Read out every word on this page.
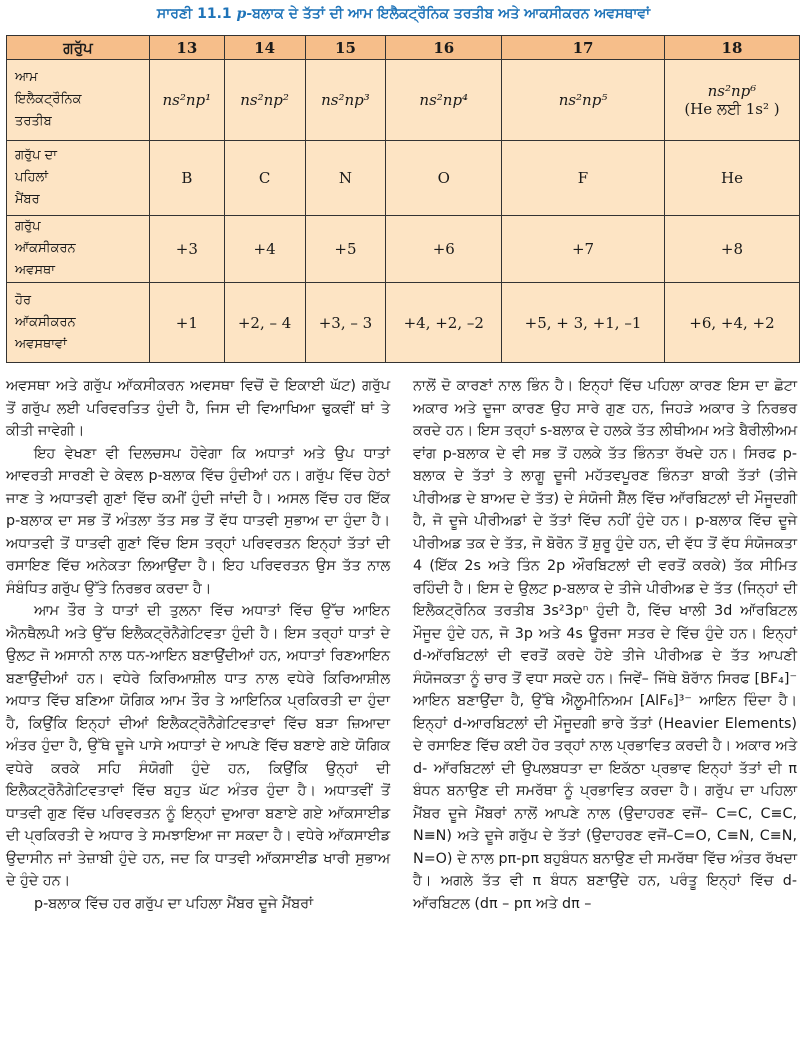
ਸਾਰਣੀ 11.1 p-ਬਲਾਕ ਦੇ ਤੱਤਾਂ ਦੀ ਆਮ ਇਲੈਕਟ੍ਰੌਨਿਕ ਤਰਤੀਬ ਅਤੇ ਆਕਸੀਕਰਨ ਅਵਸਥਾਵਾਂ
ਗਰੁੱਪ	13	14	15	16	17	18
ਆਮ
ਇਲੈਕਟ੍ਰੌਨਿਕ
ਤਰਤੀਬ	ns²np¹	ns²np²	ns²np³	ns²np⁴	ns²np⁵	ns²np⁶
(He ਲਈ 1s² )
ਗਰੁੱਪ ਦਾ
ਪਹਿਲਾਂ
ਮੈਂਬਰ	B	C	N	O	F	He
ਗਰੁੱਪ
ਆੱਕਸੀਕਰਨ
ਅਵਸਥਾ	+3	+4	+5	+6	+7	+8
ਹੋਰ
ਆੱਕਸੀਕਰਨ
ਅਵਸਥਾਵਾਂ	+1	+2, – 4	+3, – 3	+4, +2, –2	+5, + 3, +1, –1	+6, +4, +2

ਅਵਸਥਾ ਅਤੇ ਗਰੁੱਪ ਆੱਕਸੀਕਰਨ ਅਵਸਥਾ ਵਿਚੋਂ ਦੋ ਇਕਾਈ ਘੱਟ) ਗਰੁੱਪ ਤੋਂ ਗਰੁੱਪ ਲਈ ਪਰਿਵਰਤਿਤ ਹੁੰਦੀ ਹੈ, ਜਿਸ ਦੀ ਵਿਆਖਿਆ ਢੁਕਵੀਂ ਥਾਂ ਤੇ ਕੀਤੀ ਜਾਵੇਗੀ।

ਇਹ ਵੇਖਣਾ ਵੀ ਦਿਲਚਸਪ ਹੋਵੇਗਾ ਕਿ ਅਧਾਤਾਂ ਅਤੇ ਉਪ ਧਾਤਾਂ ਆਵਰਤੀ ਸਾਰਣੀ ਦੇ ਕੇਵਲ p-ਬਲਾਕ ਵਿੱਚ ਹੁੰਦੀਆਂ ਹਨ। ਗਰੁੱਪ ਵਿੱਚ ਹੇਠਾਂ ਜਾਣ ਤੇ ਅਧਾਤਵੀ ਗੁਣਾਂ ਵਿੱਚ ਕਮੀਂ ਹੁੰਦੀ ਜਾਂਦੀ ਹੈ। ਅਸਲ ਵਿੱਚ ਹਰ ਇੱਕ p-ਬਲਾਕ ਦਾ ਸਭ ਤੋਂ ਅੰਤਲਾ ਤੱਤ ਸਭ ਤੋਂ ਵੱਧ ਧਾਤਵੀ ਸੁਭਾਅ ਦਾ ਹੁੰਦਾ ਹੈ। ਅਧਾਤਵੀ ਤੋਂ ਧਾਤਵੀ ਗੁਣਾਂ ਵਿੱਚ ਇਸ ਤਰ੍ਹਾਂ ਪਰਿਵਰਤਨ ਇਨ੍ਹਾਂ ਤੱਤਾਂ ਦੀ ਰਸਾਇਣ ਵਿੱਚ ਅਨੇਕਤਾ ਲਿਆਉਂਦਾ ਹੈ। ਇਹ ਪਰਿਵਰਤਨ ਉਸ ਤੱਤ ਨਾਲ ਸੰਬੰਧਿਤ ਗਰੁੱਪ ਉੱਤੇ ਨਿਰਭਰ ਕਰਦਾ ਹੈ।

ਆਮ ਤੌਰ ਤੇ ਧਾਤਾਂ ਦੀ ਤੁਲਨਾ ਵਿੱਚ ਅਧਾਤਾਂ ਵਿੱਚ ਉੱਚ ਆਇਨ ਐਨਥੈਲਪੀ ਅਤੇ ਉੱਚ ਇਲੈਕਟ੍ਰੋਨੈਗੇਟਿਵਤਾ ਹੁੰਦੀ ਹੈ। ਇਸ ਤਰ੍ਹਾਂ ਧਾਤਾਂ ਦੇ ਉਲਟ ਜੋ ਅਸਾਨੀ ਨਾਲ ਧਨ-ਆਇਨ ਬਣਾਉਂਦੀਆਂ ਹਨ, ਅਧਾਤਾਂ ਰਿਣਆਇਨ ਬਣਾਉਂਦੀਆਂ ਹਨ। ਵਧੇਰੇ ਕਿਰਿਆਸ਼ੀਲ ਧਾਤ ਨਾਲ ਵਧੇਰੇ ਕਿਰਿਆਸ਼ੀਲ ਅਧਾਤ ਵਿੱਚ ਬਣਿਆ ਯੋਗਿਕ ਆਮ ਤੌਰ ਤੇ ਆਇਨਿਕ ਪ੍ਰਕਿਰਤੀ ਦਾ ਹੁੰਦਾ ਹੈ, ਕਿਉਂਕਿ ਇਨ੍ਹਾਂ ਦੀਆਂ ਇਲੈਕਟ੍ਰੋਨੈਗੇਟਿਵਤਾਵਾਂ ਵਿੱਚ ਬੜਾ ਜ਼ਿਆਦਾ ਅੰਤਰ ਹੁੰਦਾ ਹੈ, ਉੱਥੇ ਦੂਜੇ ਪਾਸੇ ਅਧਾਤਾਂ ਦੇ ਆਪਣੇ ਵਿੱਚ ਬਣਾਏ ਗਏ ਯੋਗਿਕ ਵਧੇਰੇ ਕਰਕੇ ਸਹਿ ਸੰਯੋਗੀ ਹੁੰਦੇ ਹਨ, ਕਿਉਂਕਿ ਉਨ੍ਹਾਂ ਦੀ ਇਲੈਕਟ੍ਰੋਨੈਗੇਟਿਵਤਾਵਾਂ ਵਿੱਚ ਬਹੁਤ ਘੱਟ ਅੰਤਰ ਹੁੰਦਾ ਹੈ। ਅਧਾਤਵੀਂ ਤੋਂ ਧਾਤਵੀ ਗੁਣ ਵਿੱਚ ਪਰਿਵਰਤਨ ਨੂੰ ਇਨ੍ਹਾਂ ਦੁਆਰਾ ਬਣਾਏ ਗਏ ਆੱਕਸਾਈਡ ਦੀ ਪ੍ਰਕਿਰਤੀ ਦੇ ਅਧਾਰ ਤੇ ਸਮਝਾਇਆ ਜਾ ਸਕਦਾ ਹੈ। ਵਧੇਰੇ ਆੱਕਸਾਈਡ ਉਦਾਸੀਨ ਜਾਂ ਤੇਜ਼ਾਬੀ ਹੁੰਦੇ ਹਨ, ਜਦ ਕਿ ਧਾਤਵੀ ਆੱਕਸਾਈਡ ਖਾਰੀ ਸੁਭਾਅ ਦੇ ਹੁੰਦੇ ਹਨ।

p-ਬਲਾਕ ਵਿੱਚ ਹਰ ਗਰੁੱਪ ਦਾ ਪਹਿਲਾ ਮੈਂਬਰ ਦੂਜੇ ਮੈਂਬਰਾਂ

ਨਾਲੋਂ ਦੋ ਕਾਰਣਾਂ ਨਾਲ ਭਿੰਨ ਹੈ। ਇਨ੍ਹਾਂ ਵਿੱਚ ਪਹਿਲਾ ਕਾਰਣ ਇਸ ਦਾ ਛੋਟਾ ਅਕਾਰ ਅਤੇ ਦੂਜਾ ਕਾਰਣ ਉਹ ਸਾਰੇ ਗੁਣ ਹਨ, ਜਿਹੜੇ ਅਕਾਰ ਤੇ ਨਿਰਭਰ ਕਰਦੇ ਹਨ। ਇਸ ਤਰ੍ਹਾਂ s-ਬਲਾਕ ਦੇ ਹਲਕੇ ਤੱਤ ਲੀਥੀਅਮ ਅਤੇ ਬੈਰੀਲੀਅਮ ਵਾਂਗ p-ਬਲਾਕ ਦੇ ਵੀ ਸਭ ਤੋਂ ਹਲਕੇ ਤੱਤ ਭਿੰਨਤਾ ਰੱਖਦੇ ਹਨ। ਸਿਰਫ p-ਬਲਾਕ ਦੇ ਤੱਤਾਂ ਤੇ ਲਾਗੂ ਦੂਜੀ ਮਹੱਤਵਪੂਰਣ ਭਿੰਨਤਾ ਬਾਕੀ ਤੱਤਾਂ (ਤੀਜੇ ਪੀਰੀਅਡ ਦੇ ਬਾਅਦ ਦੇ ਤੱਤ) ਦੇ ਸੰਯੋਜੀ ਸ਼ੈੱਲ ਵਿੱਚ ਆੱਰਬਿਟਲਾਂ ਦੀ ਮੌਜੂਦਗੀ ਹੈ, ਜੋ ਦੂਜੇ ਪੀਰੀਅਡਾਂ ਦੇ ਤੱਤਾਂ ਵਿੱਚ ਨਹੀਂ ਹੁੰਦੇ ਹਨ। p-ਬਲਾਕ ਵਿੱਚ ਦੂਜੇ ਪੀਰੀਅਡ ਤਕ ਦੇ ਤੱਤ, ਜੋ ਬੋਰੋਨ ਤੋਂ ਸ਼ੁਰੂ ਹੁੰਦੇ ਹਨ, ਦੀ ਵੱਧ ਤੋਂ ਵੱਧ ਸੰਯੋਜਕਤਾ 4 (ਇੱਕ 2s ਅਤੇ ਤਿੰਨ 2p ਔਰਬਿਟਲਾਂ ਦੀ ਵਰਤੋਂ ਕਰਕੇ) ਤੱਕ ਸੀਮਿਤ ਰਹਿੰਦੀ ਹੈ। ਇਸ ਦੇ ਉਲਟ p-ਬਲਾਕ ਦੇ ਤੀਜੇ ਪੀਰੀਅਡ ਦੇ ਤੱਤ (ਜਿਨ੍ਹਾਂ ਦੀ ਇਲੈਕਟ੍ਰੋਨਿਕ ਤਰਤੀਬ 3s²3pⁿ ਹੁੰਦੀ ਹੈ, ਵਿੱਚ ਖਾਲੀ 3d ਆੱਰਬਿਟਲ ਮੌਜੂਦ ਹੁੰਦੇ ਹਨ, ਜੋ 3p ਅਤੇ 4s ਊਰਜਾ ਸਤਰ ਦੇ ਵਿੱਚ ਹੁੰਦੇ ਹਨ। ਇਨ੍ਹਾਂ d-ਆੱਰਬਿਟਲਾਂ ਦੀ ਵਰਤੋਂ ਕਰਦੇ ਹੋਏ ਤੀਜੇ ਪੀਰੀਅਡ ਦੇ ਤੱਤ ਆਪਣੀ ਸੰਯੋਜਕਤਾ ਨੂੰ ਚਾਰ ਤੋਂ ਵਧਾ ਸਕਦੇ ਹਨ। ਜਿਵੇਂ– ਜਿੱਥੇ ਬੋਰਾੱਨ ਸਿਰਫ [BF₄]⁻ ਆਇਨ ਬਣਾਉਂਦਾ ਹੈ, ਉੱਥੇ ਐਲੂਮੀਨਿਅਮ [AlF₆]³⁻ ਆਇਨ ਦਿੰਦਾ ਹੈ। ਇਨ੍ਹਾਂ d-ਆਰਬਿਟਲਾਂ ਦੀ ਮੌਜੂਦਗੀ ਭਾਰੇ ਤੱਤਾਂ (Heavier Elements) ਦੇ ਰਸਾਇਣ ਵਿੱਚ ਕਈ ਹੋਰ ਤਰ੍ਹਾਂ ਨਾਲ ਪ੍ਰਭਾਵਿਤ ਕਰਦੀ ਹੈ। ਅਕਾਰ ਅਤੇ d- ਆੱਰਬਿਟਲਾਂ ਦੀ ਉਪਲਬਧਤਾ ਦਾ ਇਕੱਠਾ ਪ੍ਰਭਾਵ ਇਨ੍ਹਾਂ ਤੱਤਾਂ ਦੀ π ਬੰਧਨ ਬਨਾਉਣ ਦੀ ਸਮਰੱਥਾ ਨੂੰ ਪ੍ਰਭਾਵਿਤ ਕਰਦਾ ਹੈ। ਗਰੁੱਪ ਦਾ ਪਹਿਲਾ ਮੈਂਬਰ ਦੂਜੇ ਮੈਂਬਰਾਂ ਨਾਲੋਂ ਆਪਣੇ ਨਾਲ (ਉਦਾਹਰਣ ਵਜੋਂ– C=C, C≡C, N≡N) ਅਤੇ ਦੂਜੇ ਗਰੁੱਪ ਦੇ ਤੱਤਾਂ (ਉਦਾਹਰਣ ਵਜੋਂ–C=O, C≡N, C≡N, N=O) ਦੇ ਨਾਲ pπ-pπ ਬਹੁਬੰਧਨ ਬਨਾਉਣ ਦੀ ਸਮਰੱਥਾ ਵਿੱਚ ਅੰਤਰ ਰੱਖਦਾ ਹੈ। ਅਗਲੇ ਤੱਤ ਵੀ π ਬੰਧਨ ਬਣਾਉਂਦੇ ਹਨ, ਪਰੰਤੂ ਇਨ੍ਹਾਂ ਵਿੱਚ d-ਆੱਰਬਿਟਲ (dπ – pπ ਅਤੇ dπ –
